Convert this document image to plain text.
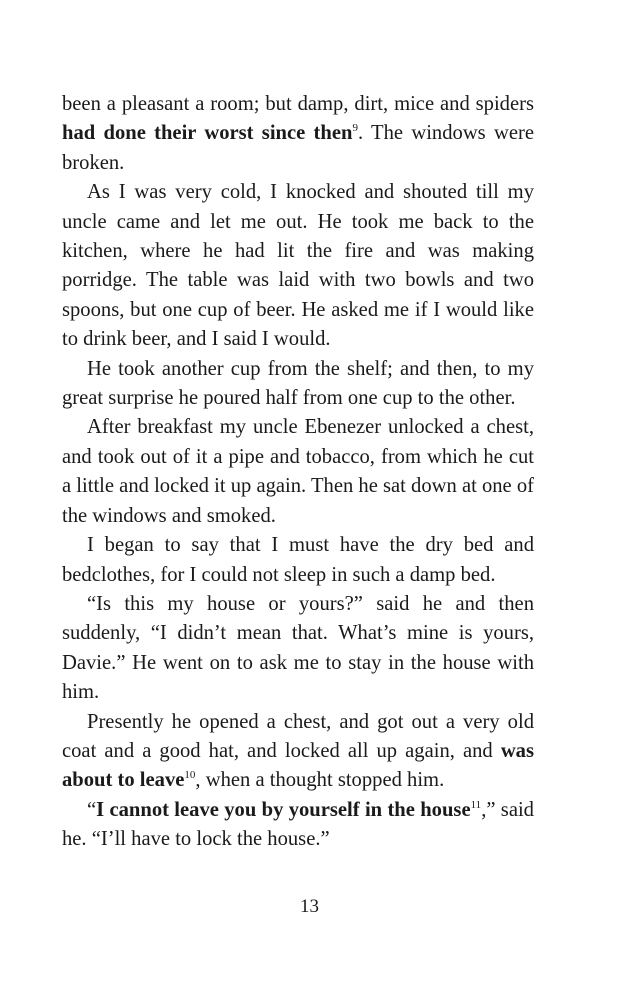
been a pleasant a room; but damp, dirt, mice and spiders had done their worst since then$^9$. The windows were broken.

As I was very cold, I knocked and shouted till my uncle came and let me out. He took me back to the kitchen, where he had lit the fire and was making porridge. The table was laid with two bowls and two spoons, but one cup of beer. He asked me if I would like to drink beer, and I said I would.

He took another cup from the shelf; and then, to my great surprise he poured half from one cup to the other.

After breakfast my uncle Ebenezer unlocked a chest, and took out of it a pipe and tobacco, from which he cut a little and locked it up again. Then he sat down at one of the windows and smoked.

I began to say that I must have the dry bed and bedclothes, for I could not sleep in such a damp bed.

“Is this my house or yours?” said he and then suddenly, “I didn’t mean that. What’s mine is yours, Davie.” He went on to ask me to stay in the house with him.

Presently he opened a chest, and got out a very old coat and a good hat, and locked all up again, and was about to leave$^{10}$, when a thought stopped him.

“I cannot leave you by yourself in the house$^{11}$,” said he. “I’ll have to lock the house.”

13
